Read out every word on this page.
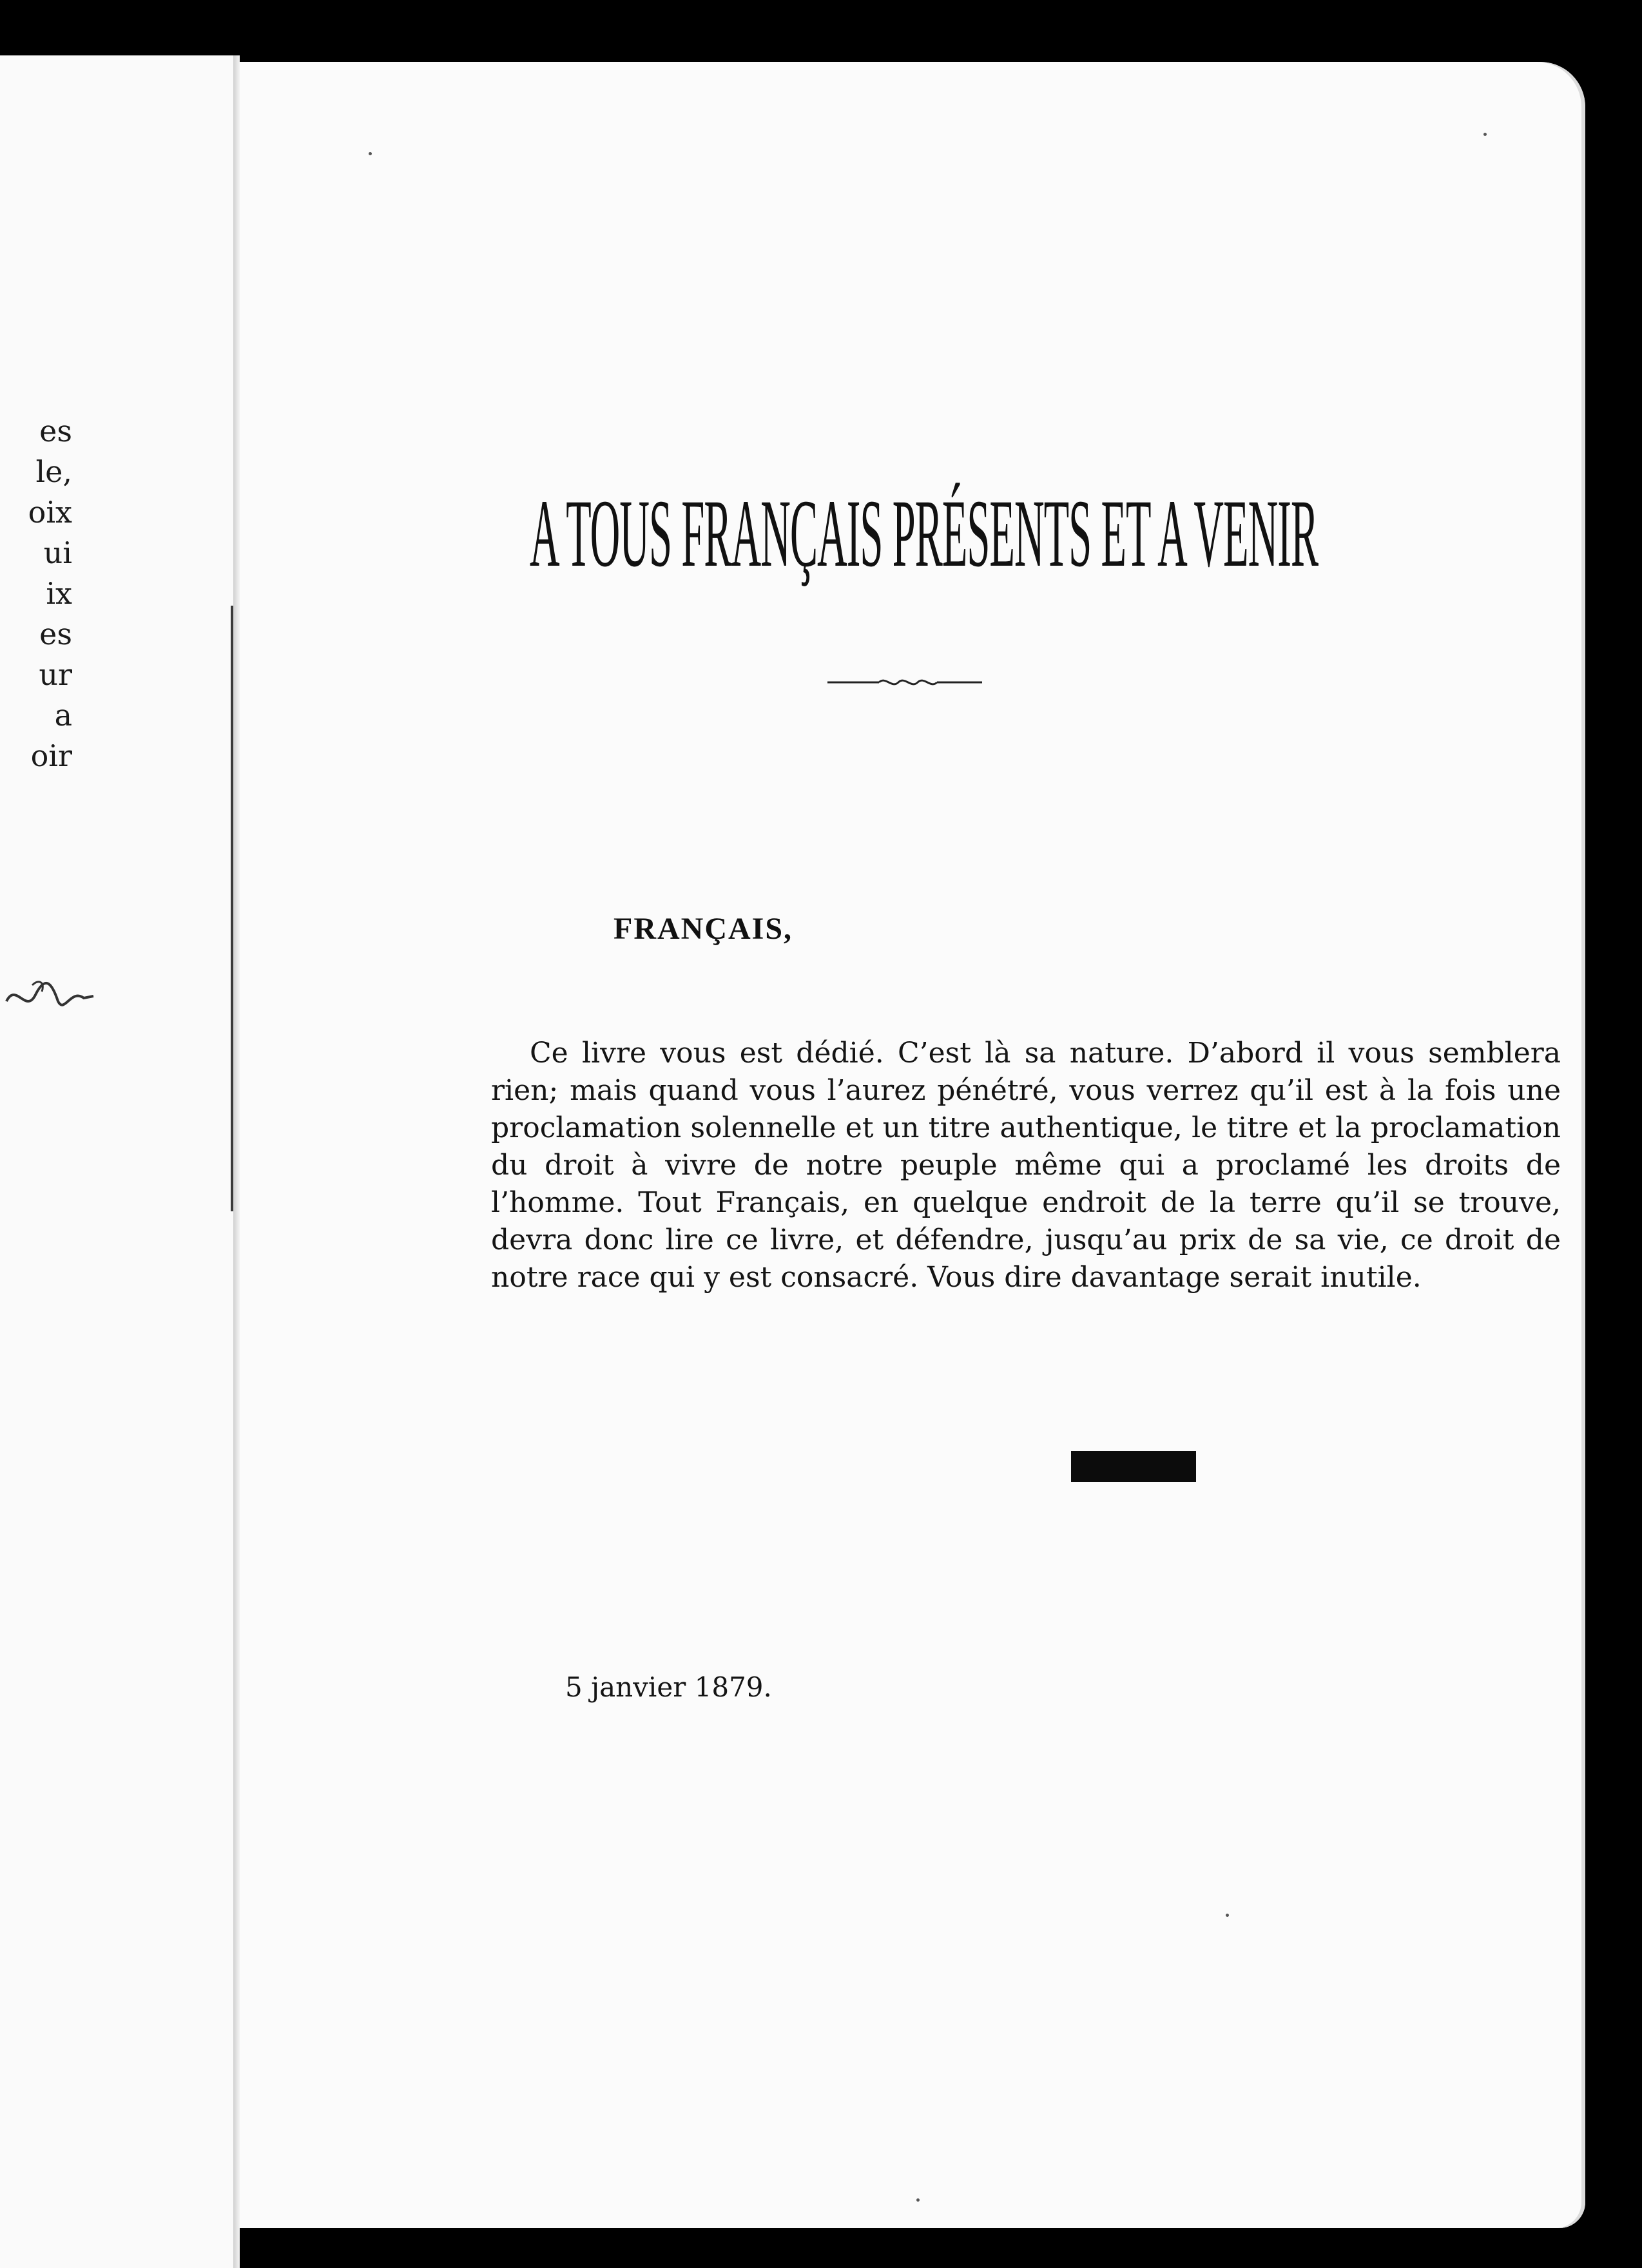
es
le,
oix
ui
ix
es
ur
a
oir
A TOUS FRANÇAIS PRÉSENTS ET A VENIR
FRANÇAIS,

Ce livre vous est dédié. C’est là sa nature. D’abord il vous semblera rien; mais quand vous l’aurez pénétré, vous verrez qu’il est à la fois une proclamation solennelle et un titre authentique, le titre et la proclamation du droit à vivre de notre peuple même qui a proclamé les droits de l’homme. Tout Français, en quelque endroit de la terre qu’il se trouve, devra donc lire ce livre, et défendre, jusqu’au prix de sa vie, ce droit de notre race qui y est consacré. Vous dire davantage serait inutile.

5 janvier 1879.
